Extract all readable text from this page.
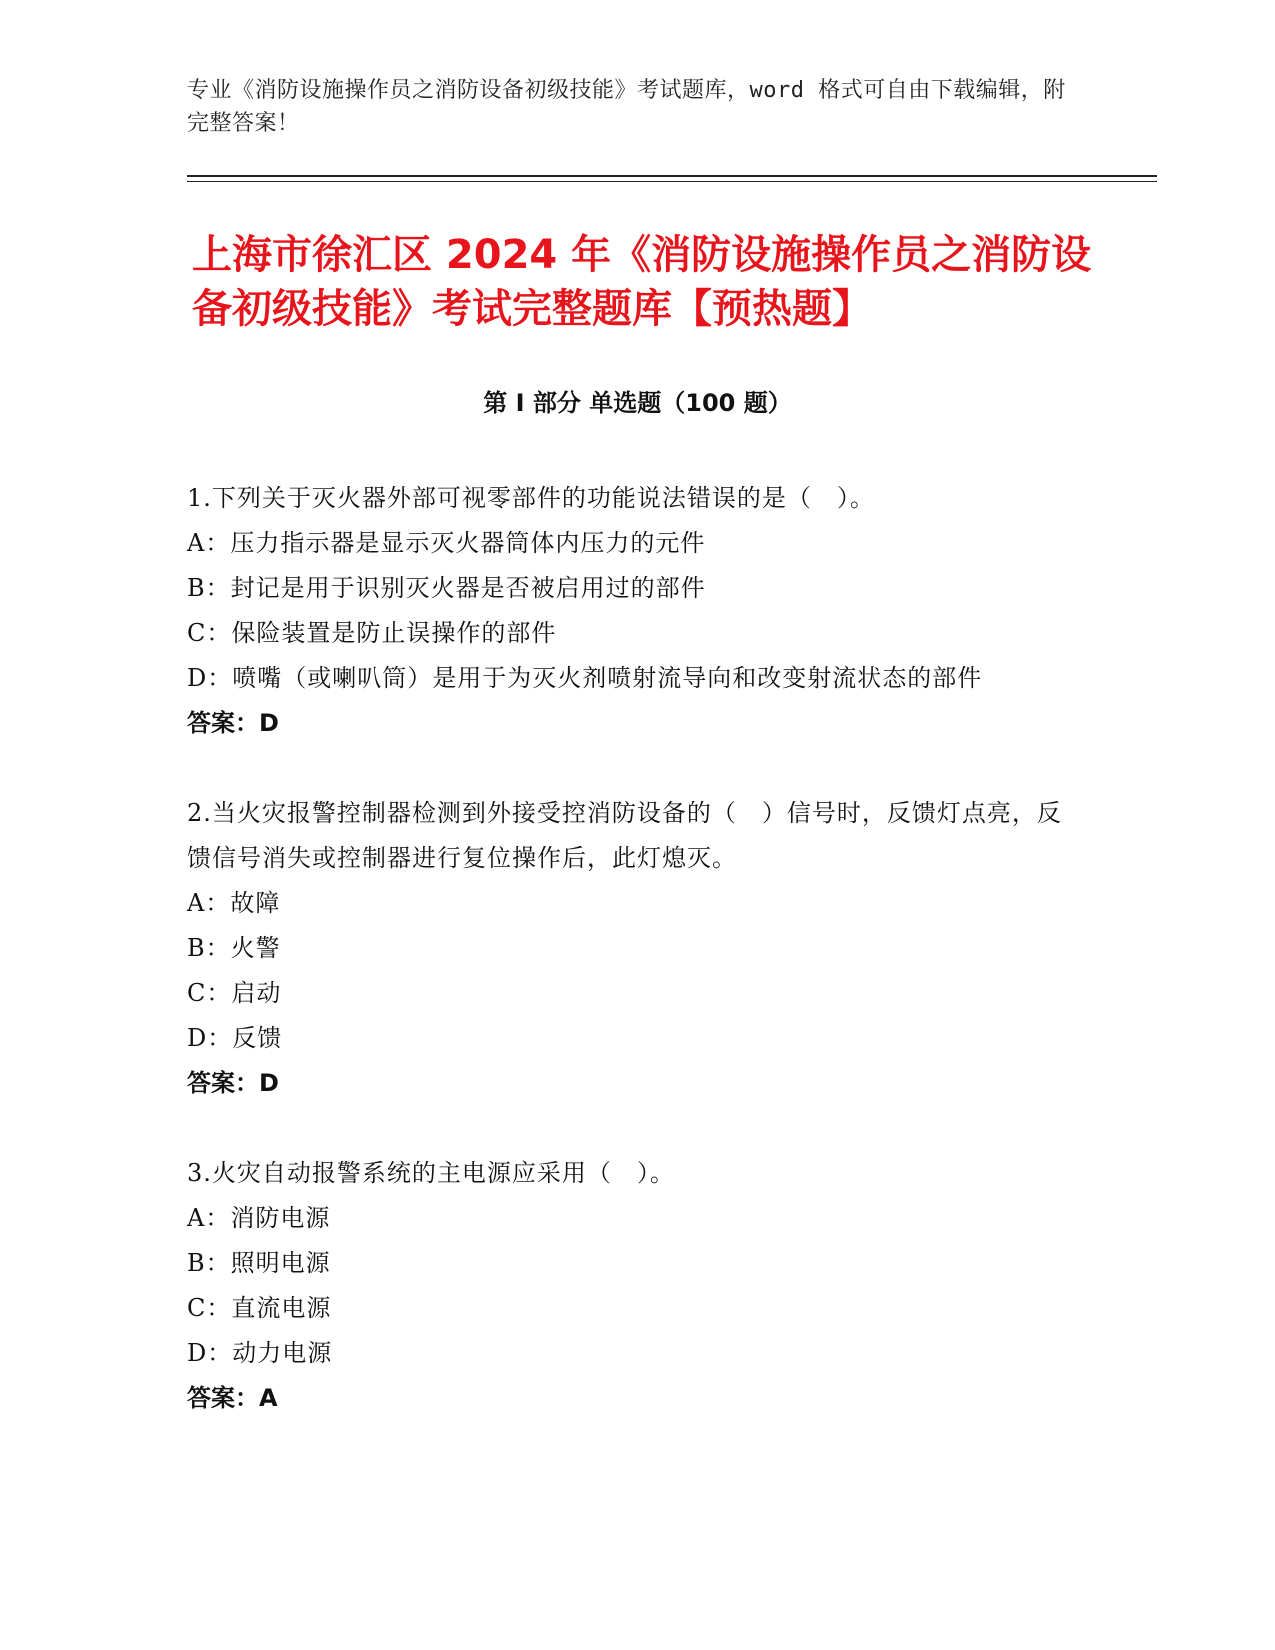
专业《消防设施操作员之消防设备初级技能》考试题库，word 格式可自由下载编辑，附完整答案！
上海市徐汇区 2024 年《消防设施操作员之消防设备初级技能》考试完整题库【预热题】
第 I 部分 单选题（100 题）
1.下列关于灭火器外部可视零部件的功能说法错误的是（　）。
A：压力指示器是显示灭火器筒体内压力的元件
B：封记是用于识别灭火器是否被启用过的部件
C：保险装置是防止误操作的部件
D：喷嘴（或喇叭筒）是用于为灭火剂喷射流导向和改变射流状态的部件
答案：D
2.当火灾报警控制器检测到外接受控消防设备的（　）信号时，反馈灯点亮，反馈信号消失或控制器进行复位操作后，此灯熄灭。
A：故障
B：火警
C：启动
D：反馈
答案：D
3.火灾自动报警系统的主电源应采用（　）。
A：消防电源
B：照明电源
C：直流电源
D：动力电源
答案：A
